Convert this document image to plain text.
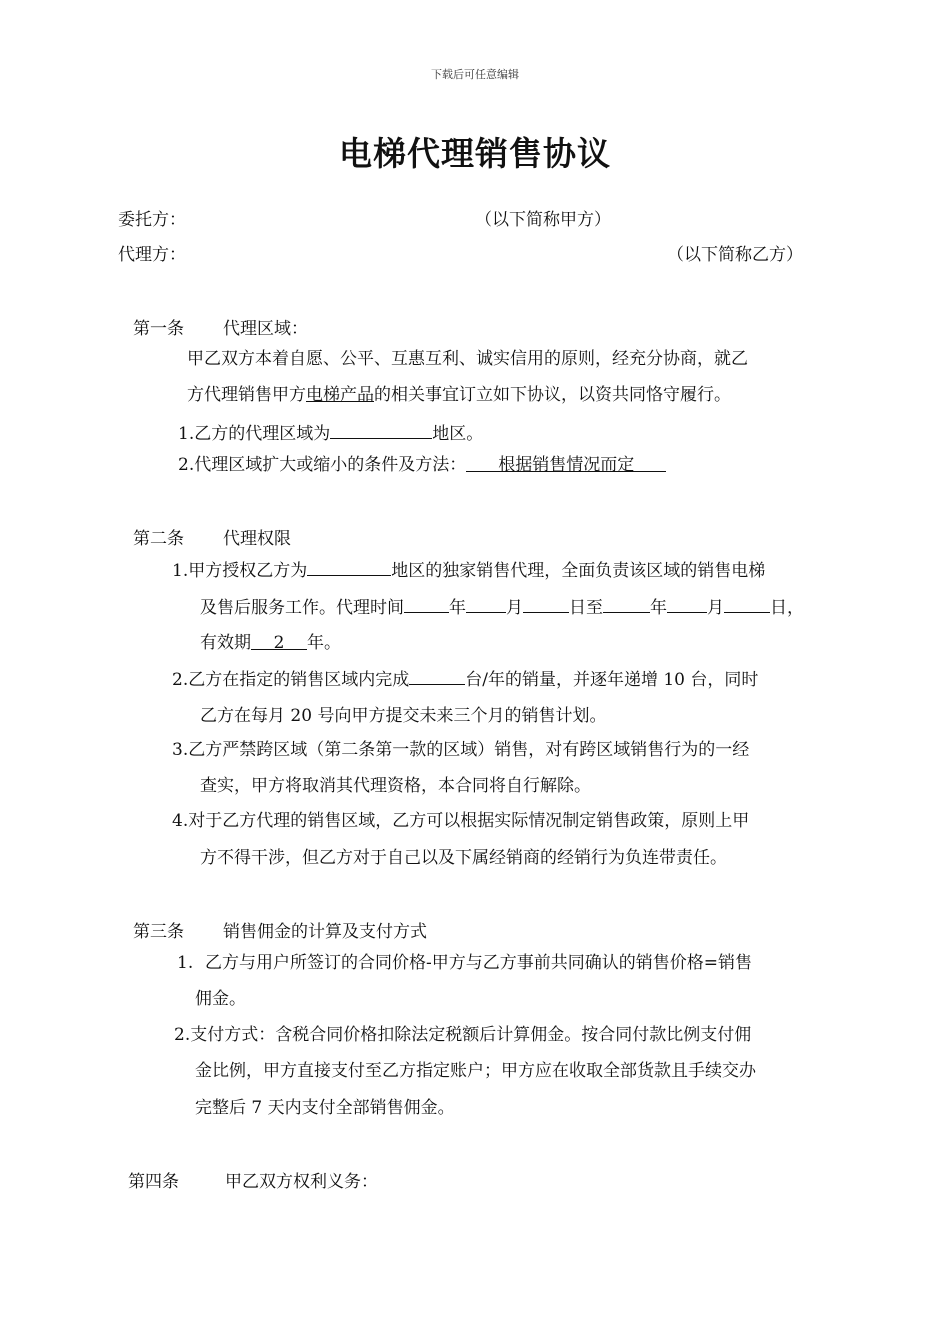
下载后可任意编辑
电梯代理销售协议
委托方：	（以下简称甲方）
代理方：	（以下简称乙方）
第一条 代理区域：
甲乙双方本着自愿、公平、互惠互利、诚实信用的原则，经充分协商，就乙
方代理销售甲方电梯产品的相关事宜订立如下协议，以资共同恪守履行。
1.乙方的代理区域为	地区。
2.代理区域扩大或缩小的条件及方法： 根据销售情况而定
第二条 代理权限
1.甲方授权乙方为	地区的独家销售代理，全面负责该区域的销售电梯
及售后服务工作。代理时间	年 月	日至	年 月	日，
有效期 2 年。
2.乙方在指定的销售区域内完成	台/年的销量，并逐年递增 10 台，同时
乙方在每月 20 号向甲方提交未来三个月的销售计划。
3.乙方严禁跨区域（第二条第一款的区域）销售，对有跨区域销售行为的一经
查实，甲方将取消其代理资格，本合同将自行解除。
4.对于乙方代理的销售区域，乙方可以根据实际情况制定销售政策，原则上甲
方不得干涉，但乙方对于自己以及下属经销商的经销行为负连带责任。
第三条 销售佣金的计算及支付方式
1. 乙方与用户所签订的合同价格-甲方与乙方事前共同确认的销售价格=销售
佣金。
2.支付方式：含税合同价格扣除法定税额后计算佣金。按合同付款比例支付佣
金比例，甲方直接支付至乙方指定账户；甲方应在收取全部货款且手续交办
完整后 7 天内支付全部销售佣金。
第四条	甲乙双方权利义务：
